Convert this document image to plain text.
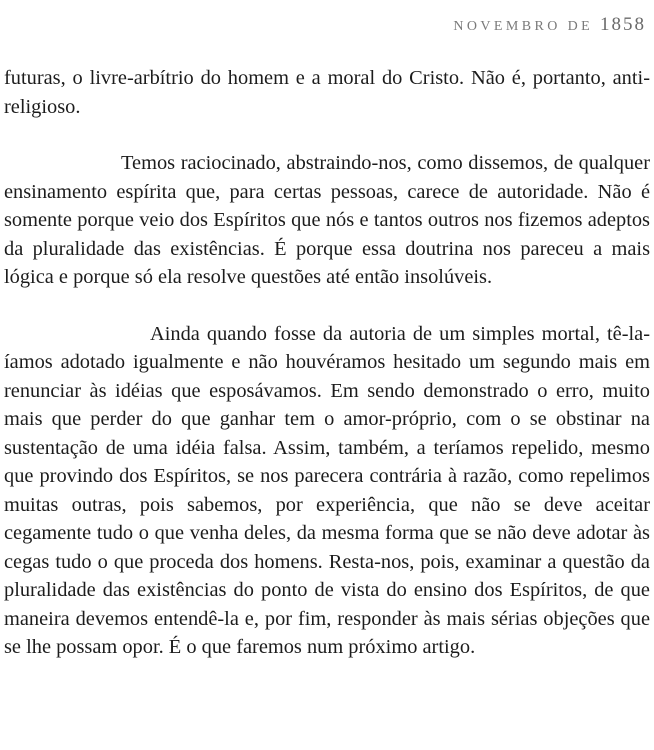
NOVEMBRO DE 1858

futuras, o livre-arbítrio do homem e a moral do Cristo. Não é, portanto, anti-religioso.

Temos raciocinado, abstraindo-nos, como dissemos, de qualquer ensinamento espírita que, para certas pessoas, carece de autoridade. Não é somente porque veio dos Espíritos que nós e tantos outros nos fizemos adeptos da pluralidade das existências. É porque essa doutrina nos pareceu a mais lógica e porque só ela resolve questões até então insolúveis.

Ainda quando fosse da autoria de um simples mortal, tê-la-íamos adotado igualmente e não houvéramos hesitado um segundo mais em renunciar às idéias que esposávamos. Em sendo demonstrado o erro, muito mais que perder do que ganhar tem o amor-próprio, com o se obstinar na sustentação de uma idéia falsa. Assim, também, a teríamos repelido, mesmo que provindo dos Espíritos, se nos parecera contrária à razão, como repelimos muitas outras, pois sabemos, por experiência, que não se deve aceitar cegamente tudo o que venha deles, da mesma forma que se não deve adotar às cegas tudo o que proceda dos homens. Resta-nos, pois, examinar a questão da pluralidade das existências do ponto de vista do ensino dos Espíritos, de que maneira devemos entendê-la e, por fim, responder às mais sérias objeções que se lhe possam opor. É o que faremos num próximo artigo.
